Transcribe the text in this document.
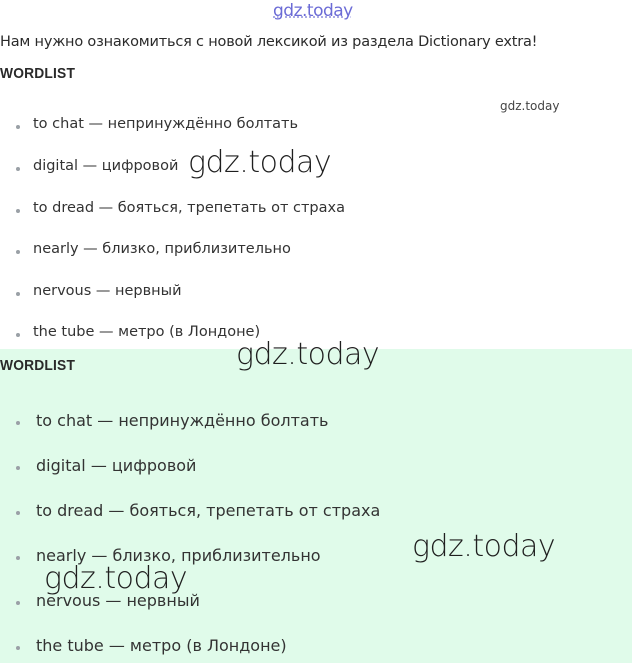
gdz.today
Нам нужно ознакомиться с новой лексикой из раздела Dictionary extra!
WORDLIST
gdz.today
to chat — непринуждённо болтать
digital — цифровой
to dread — бояться, трепетать от страха
nearly — близко, приблизительно
nervous — нервный
the tube — метро (в Лондоне)
WORDLIST
to chat — непринуждённо болтать
digital — цифровой
to dread — бояться, трепетать от страха
nearly — близко, приблизительно
nervous — нервный
the tube — метро (в Лондоне)
gdz.today
gdz.today
gdz.today
gdz.today
